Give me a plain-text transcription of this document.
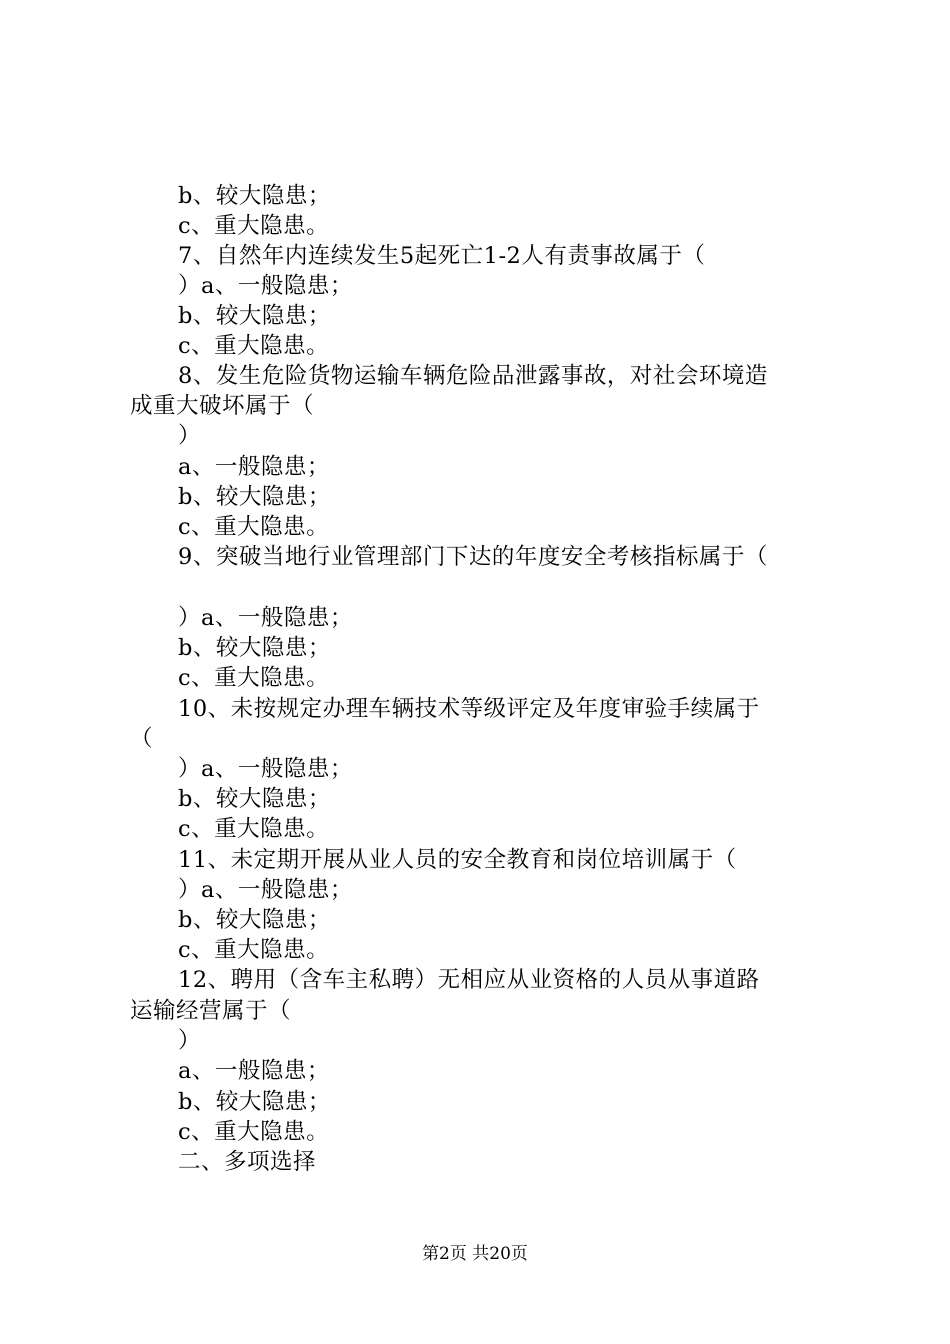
b、较大隐患；
c、重大隐患。
7、自然年内连续发生5起死亡1-2人有责事故属于（
）a、一般隐患；
b、较大隐患；
c、重大隐患。
8、发生危险货物运输车辆危险品泄露事故，对社会环境造
成重大破坏属于（
）
a、一般隐患；
b、较大隐患；
c、重大隐患。
9、突破当地行业管理部门下达的年度安全考核指标属于（
）a、一般隐患；
b、较大隐患；
c、重大隐患。
10、未按规定办理车辆技术等级评定及年度审验手续属于
（
）a、一般隐患；
b、较大隐患；
c、重大隐患。
11、未定期开展从业人员的安全教育和岗位培训属于（
）a、一般隐患；
b、较大隐患；
c、重大隐患。
12、聘用（含车主私聘）无相应从业资格的人员从事道路
运输经营属于（
）
a、一般隐患；
b、较大隐患；
c、重大隐患。
二、多项选择
第2页 共20页
